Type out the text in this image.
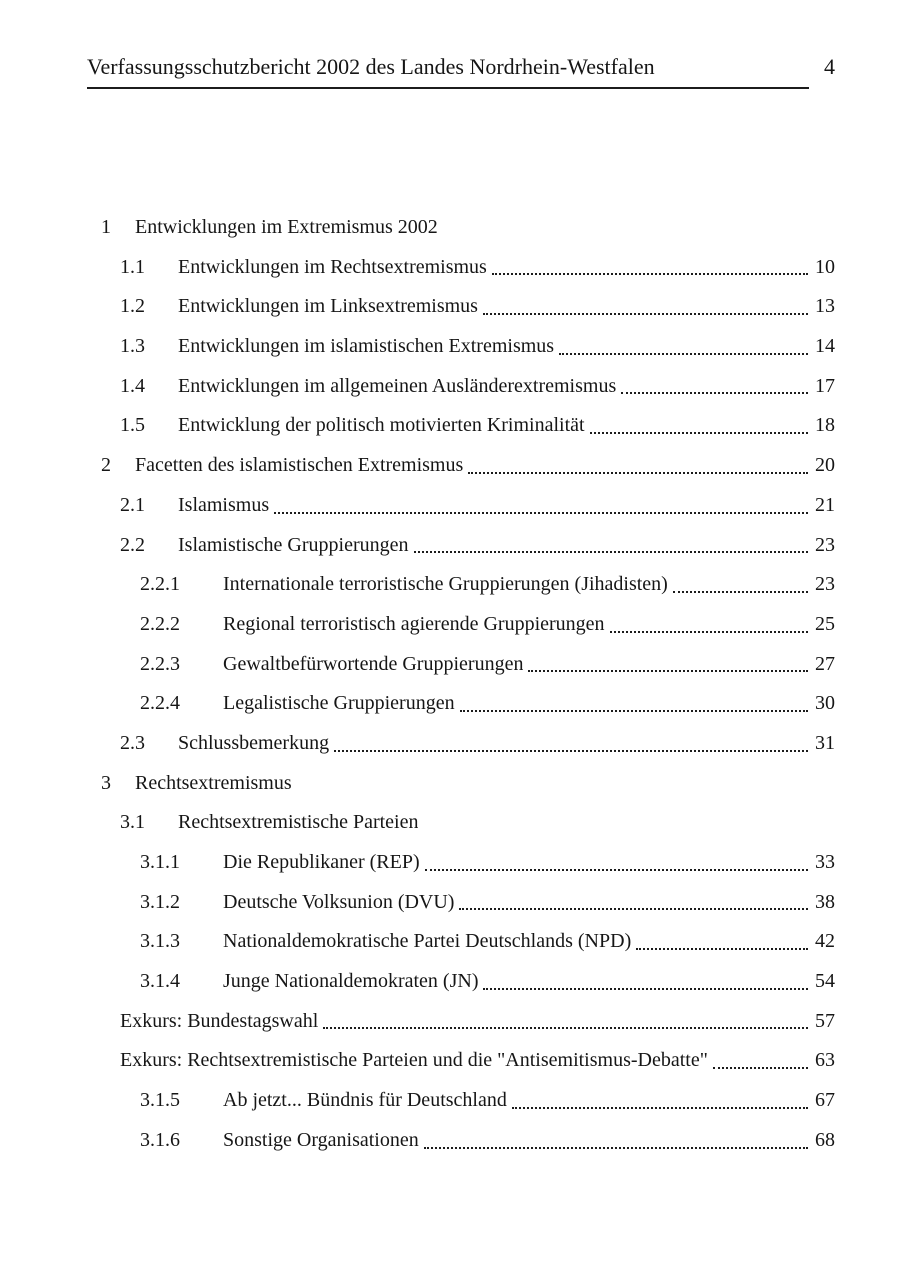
Verfassungsschutzbericht 2002 des Landes Nordrhein-Westfalen	4
1	Entwicklungen im Extremismus 2002
1.1	Entwicklungen im Rechtsextremismus	10
1.2	Entwicklungen im Linksextremismus	13
1.3	Entwicklungen im islamistischen Extremismus	14
1.4	Entwicklungen im allgemeinen Ausländerextremismus	17
1.5	Entwicklung der politisch motivierten Kriminalität	18
2	Facetten des islamistischen Extremismus	20
2.1	Islamismus	21
2.2	Islamistische Gruppierungen	23
2.2.1	Internationale terroristische Gruppierungen (Jihadisten)	23
2.2.2	Regional terroristisch agierende Gruppierungen	25
2.2.3	Gewaltbefürwortende Gruppierungen	27
2.2.4	Legalistische Gruppierungen	30
2.3	Schlussbemerkung	31
3	Rechtsextremismus
3.1	Rechtsextremistische Parteien
3.1.1	Die Republikaner (REP)	33
3.1.2	Deutsche Volksunion (DVU)	38
3.1.3	Nationaldemokratische Partei Deutschlands (NPD)	42
3.1.4	Junge Nationaldemokraten (JN)	54
Exkurs: Bundestagswahl	57
Exkurs: Rechtsextremistische Parteien und die "Antisemitismus-Debatte"	63
3.1.5	Ab jetzt... Bündnis für Deutschland	67
3.1.6	Sonstige Organisationen	68
